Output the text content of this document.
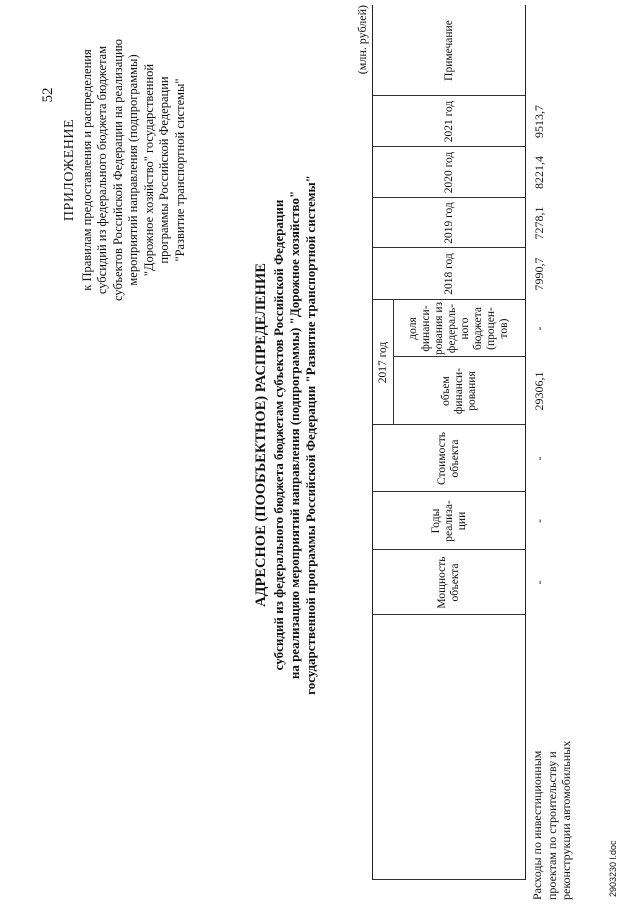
52
ПРИЛОЖЕНИЕ к Правилам предоставления и распределения субсидий из федерального бюджета бюджетам субъектов Российской Федерации на реализацию мероприятий направления (подпрограммы) "Дорожное хозяйство" государственной программы Российской Федерации "Развитие транспортной системы"
АДРЕСНОЕ (ПООБЪЕКТНОЕ) РАСПРЕДЕЛЕНИЕ субсидий из федерального бюджета бюджетам субъектов Российской Федерации на реализацию мероприятий направления (подпрограммы) "Дорожное хозяйство" государственной программы Российской Федерации "Развитие транспортной системы"
(млн. рублей)
Мощность объекта
Годы реализа-ции
Стоимость объекта
2017 год
объем финанси-рования
доля финанси-рования из федераль-ного бюджета (процен-тов)
2018 год
2019 год
2020 год
2021 год
Примечание
Расходы по инвестиционным проектам по строительству и реконструкции автомобильных
-
-
-
29306,1
-
7990,7
7278,1
8221,4
9513,7
2903230 l.doc
